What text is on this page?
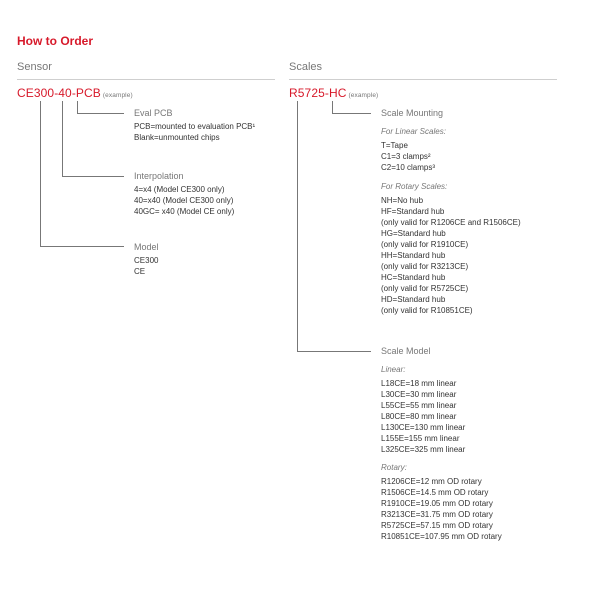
How to Order
Sensor
CE300-40-PCB (example)
Eval PCB
PCB=mounted to evaluation PCB¹
Blank=unmounted chips
Interpolation
4=x4 (Model CE300 only)
40=x40 (Model CE300 only)
40GC= x40 (Model CE only)
Model
CE300
CE
Scales
R5725-HC (example)
Scale Mounting
For Linear Scales:
T=Tape
C1=3 clamps²
C2=10 clamps³
For Rotary Scales:
NH=No hub
HF=Standard hub
(only valid for R1206CE and R1506CE)
HG=Standard hub
(only valid for R1910CE)
HH=Standard hub
(only valid for R3213CE)
HC=Standard hub
(only valid for R5725CE)
HD=Standard hub
(only valid for R10851CE)
Scale Model
Linear:
L18CE=18 mm linear
L30CE=30 mm linear
L55CE=55 mm linear
L80CE=80 mm linear
L130CE=130 mm linear
L155E=155 mm linear
L325CE=325 mm linear
Rotary:
R1206CE=12 mm OD rotary
R1506CE=14.5 mm OD rotary
R1910CE=19.05 mm OD rotary
R3213CE=31.75 mm OD rotary
R5725CE=57.15 mm OD rotary
R10851CE=107.95 mm OD rotary
